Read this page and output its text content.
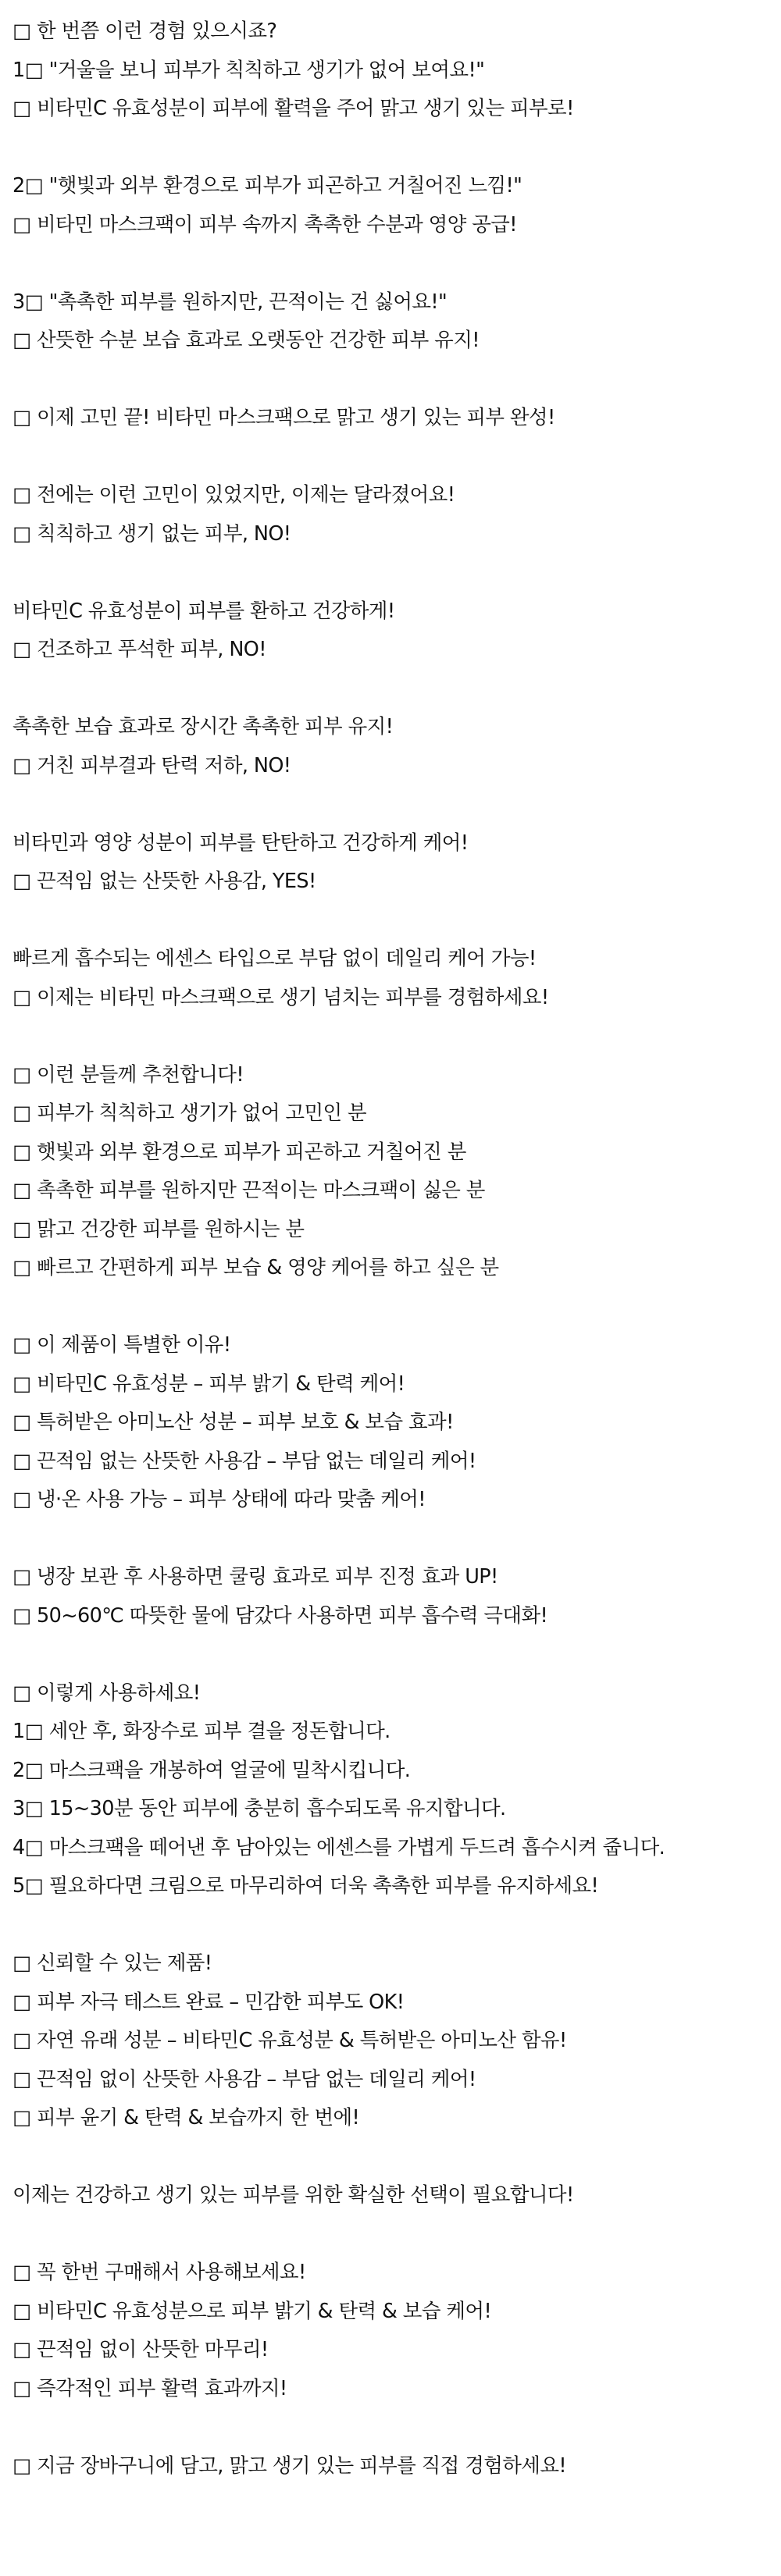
□ 한 번쯤 이런 경험 있으시죠?
1□ "거울을 보니 피부가 칙칙하고 생기가 없어 보여요!"
□ 비타민C 유효성분이 피부에 활력을 주어 맑고 생기 있는 피부로!
2□ "햇빛과 외부 환경으로 피부가 피곤하고 거칠어진 느낌!"
□ 비타민 마스크팩이 피부 속까지 촉촉한 수분과 영양 공급!
3□ "촉촉한 피부를 원하지만, 끈적이는 건 싫어요!"
□ 산뜻한 수분 보습 효과로 오랫동안 건강한 피부 유지!
□ 이제 고민 끝! 비타민 마스크팩으로 맑고 생기 있는 피부 완성!
□ 전에는 이런 고민이 있었지만, 이제는 달라졌어요!
□ 칙칙하고 생기 없는 피부, NO!
비타민C 유효성분이 피부를 환하고 건강하게!
□ 건조하고 푸석한 피부, NO!
촉촉한 보습 효과로 장시간 촉촉한 피부 유지!
□ 거친 피부결과 탄력 저하, NO!
비타민과 영양 성분이 피부를 탄탄하고 건강하게 케어!
□ 끈적임 없는 산뜻한 사용감, YES!
빠르게 흡수되는 에센스 타입으로 부담 없이 데일리 케어 가능!
□ 이제는 비타민 마스크팩으로 생기 넘치는 피부를 경험하세요!
□ 이런 분들께 추천합니다!
□ 피부가 칙칙하고 생기가 없어 고민인 분
□ 햇빛과 외부 환경으로 피부가 피곤하고 거칠어진 분
□ 촉촉한 피부를 원하지만 끈적이는 마스크팩이 싫은 분
□ 맑고 건강한 피부를 원하시는 분
□ 빠르고 간편하게 피부 보습 & 영양 케어를 하고 싶은 분
□ 이 제품이 특별한 이유!
□ 비타민C 유효성분 – 피부 밝기 & 탄력 케어!
□ 특허받은 아미노산 성분 – 피부 보호 & 보습 효과!
□ 끈적임 없는 산뜻한 사용감 – 부담 없는 데일리 케어!
□ 냉·온 사용 가능 – 피부 상태에 따라 맞춤 케어!
□ 냉장 보관 후 사용하면 쿨링 효과로 피부 진정 효과 UP!
□ 50~60℃ 따뜻한 물에 담갔다 사용하면 피부 흡수력 극대화!
□ 이렇게 사용하세요!
1□ 세안 후, 화장수로 피부 결을 정돈합니다.
2□ 마스크팩을 개봉하여 얼굴에 밀착시킵니다.
3□ 15~30분 동안 피부에 충분히 흡수되도록 유지합니다.
4□ 마스크팩을 떼어낸 후 남아있는 에센스를 가볍게 두드려 흡수시켜 줍니다.
5□ 필요하다면 크림으로 마무리하여 더욱 촉촉한 피부를 유지하세요!
□ 신뢰할 수 있는 제품!
□ 피부 자극 테스트 완료 – 민감한 피부도 OK!
□ 자연 유래 성분 – 비타민C 유효성분 & 특허받은 아미노산 함유!
□ 끈적임 없이 산뜻한 사용감 – 부담 없는 데일리 케어!
□ 피부 윤기 & 탄력 & 보습까지 한 번에!
이제는 건강하고 생기 있는 피부를 위한 확실한 선택이 필요합니다!
□ 꼭 한번 구매해서 사용해보세요!
□ 비타민C 유효성분으로 피부 밝기 & 탄력 & 보습 케어!
□ 끈적임 없이 산뜻한 마무리!
□ 즉각적인 피부 활력 효과까지!
□ 지금 장바구니에 담고, 맑고 생기 있는 피부를 직접 경험하세요!
